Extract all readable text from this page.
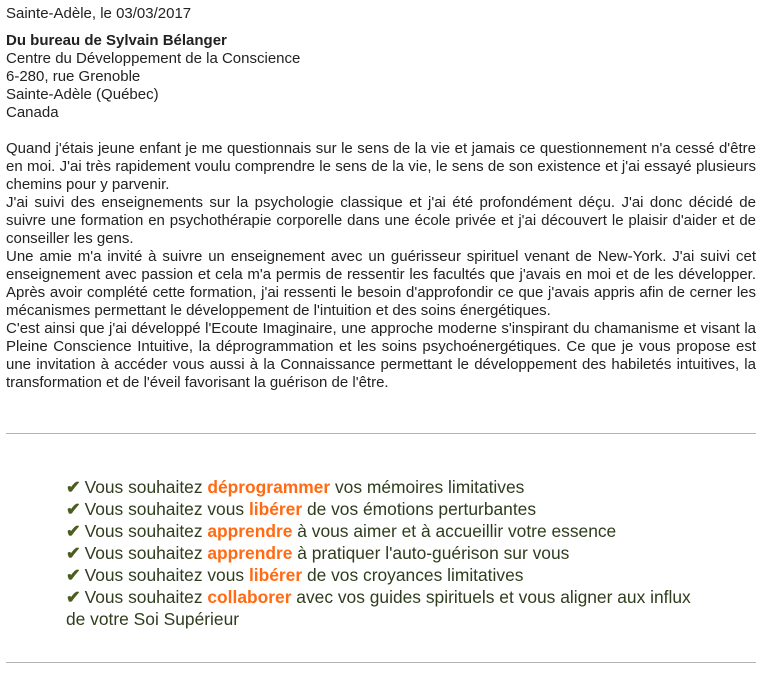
Sainte-Adèle, le 03/03/2017

Du bureau de Sylvain Bélanger
Centre du Développement de la Conscience
6-280, rue Grenoble
Sainte-Adèle (Québec)
Canada

Quand j'étais jeune enfant je me questionnais sur le sens de la vie et jamais ce questionnement n'a cessé d'être en moi. J'ai très rapidement voulu comprendre le sens de la vie, le sens de son existence et j'ai essayé plusieurs chemins pour y parvenir.

J'ai suivi des enseignements sur la psychologie classique et j'ai été profondément déçu. J'ai donc décidé de suivre une formation en psychothérapie corporelle dans une école privée et j'ai découvert le plaisir d'aider et de conseiller les gens.

Une amie m'a invité à suivre un enseignement avec un guérisseur spirituel venant de New-York. J'ai suivi cet enseignement avec passion et cela m'a permis de ressentir les facultés que j'avais en moi et de les développer. Après avoir complété cette formation, j'ai ressenti le besoin d'approfondir ce que j'avais appris afin de cerner les mécanismes permettant le développement de l'intuition et des soins énergétiques.

C'est ainsi que j'ai développé l'Ecoute Imaginaire, une approche moderne s'inspirant du chamanisme et visant la Pleine Conscience Intuitive, la déprogrammation et les soins psychoénergétiques. Ce que je vous propose est une invitation à accéder vous aussi à la Connaissance permettant le développement des habiletés intuitives, la transformation et de l'éveil favorisant la guérison de l'être.

✔ Vous souhaitez déprogrammer vos mémoires limitatives
✔ Vous souhaitez vous libérer de vos émotions perturbantes
✔ Vous souhaitez apprendre à vous aimer et à accueillir votre essence
✔ Vous souhaitez apprendre à pratiquer l'auto-guérison sur vous
✔ Vous souhaitez vous libérer de vos croyances limitatives
✔ Vous souhaitez collaborer avec vos guides spirituels et vous aligner aux influx de votre Soi Supérieur
